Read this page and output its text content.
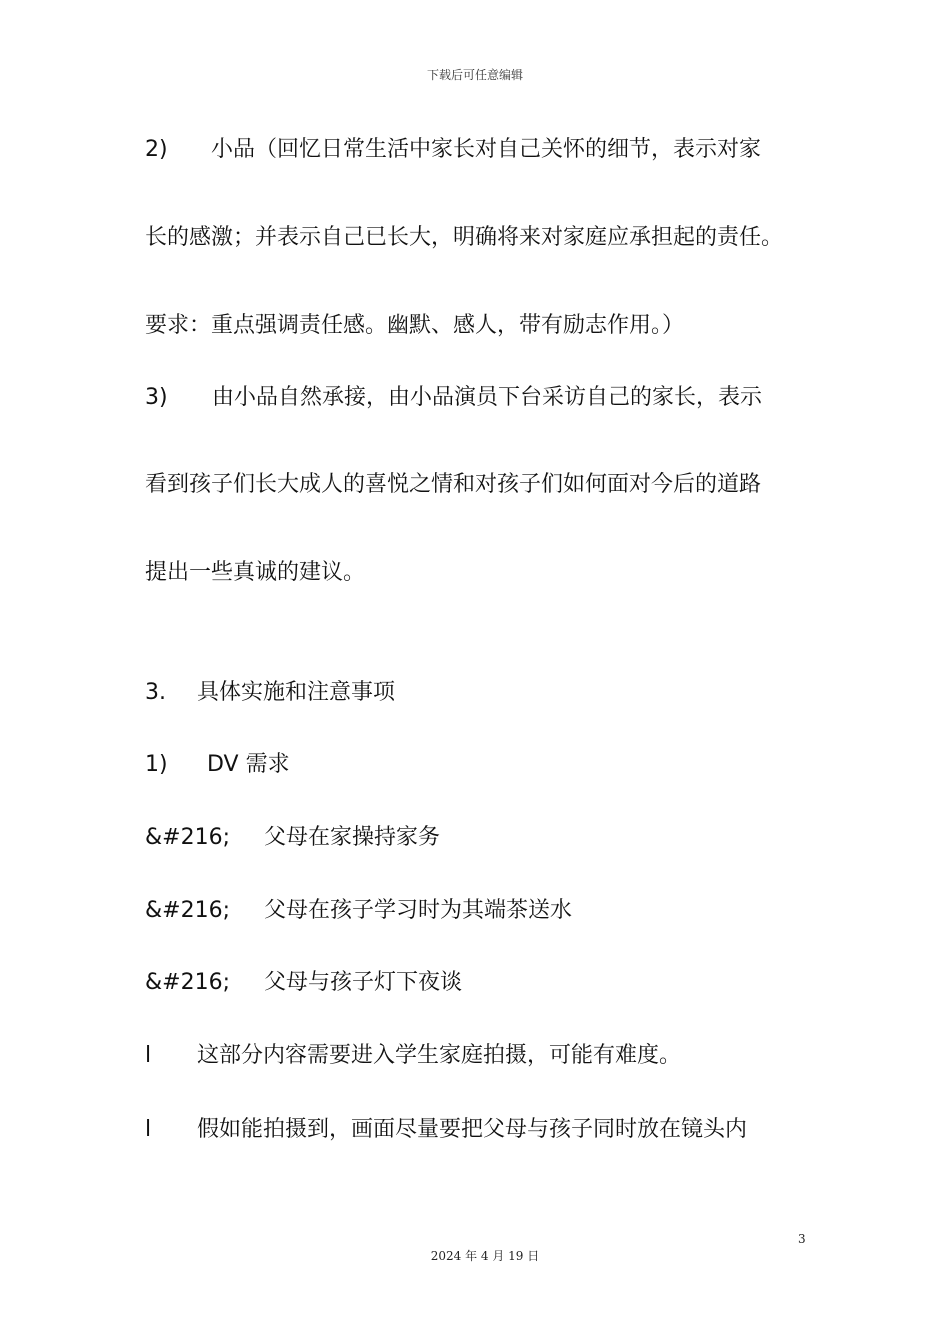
下载后可任意编辑
2) 小品（回忆日常生活中家长对自己关怀的细节，表示对家
长的感激；并表示自己已长大，明确将来对家庭应承担起的责任。
要求：重点强调责任感。幽默、感人，带有励志作用。）
3) 由小品自然承接，由小品演员下台采访自己的家长，表示
看到孩子们长大成人的喜悦之情和对孩子们如何面对今后的道路
提出一些真诚的建议。
3. 具体实施和注意事项
1) DV 需求
&#216; 父母在家操持家务
&#216; 父母在孩子学习时为其端茶送水
&#216; 父母与孩子灯下夜谈
l 这部分内容需要进入学生家庭拍摄，可能有难度。
l 假如能拍摄到，画面尽量要把父母与孩子同时放在镜头内
3
2024 年 4 月 19 日
